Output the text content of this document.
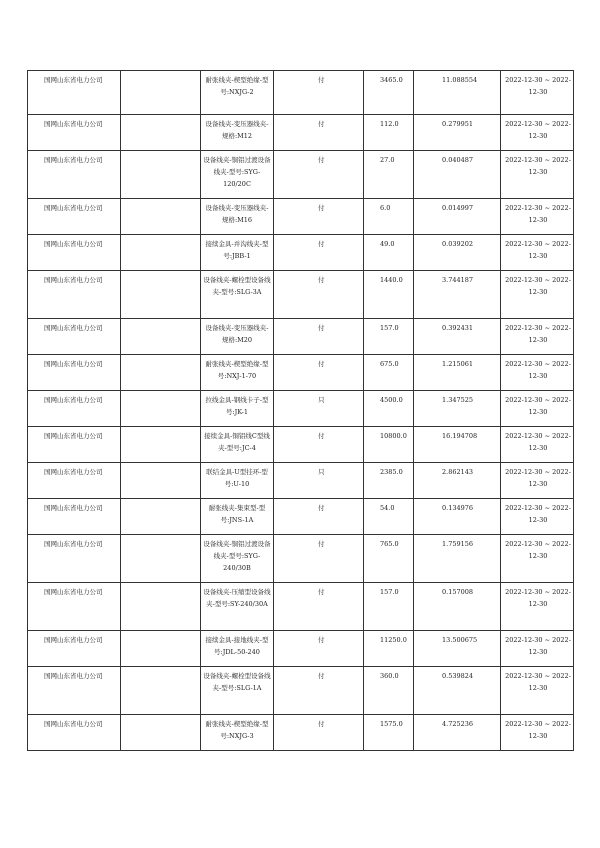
国网山东省电力公司		耐张线夹-楔型绝缘-型号:NXJG-2	付	3465.0	11.088554	2022-12-30 ~ 2022-12-30

国网山东省电力公司		设备线夹-变压器线夹-规格:M12	付	112.0	0.279951	2022-12-30 ~ 2022-12-30

国网山东省电力公司		设备线夹-铜铝过渡设备线夹-型号:SYG-120/20C	付	27.0	0.040487	2022-12-30 ~ 2022-12-30

国网山东省电力公司		设备线夹-变压器线夹-规格:M16	付	6.0	0.014997	2022-12-30 ~ 2022-12-30

国网山东省电力公司		接续金具-并沟线夹-型号:JBB-1	付	49.0	0.039202	2022-12-30 ~ 2022-12-30

国网山东省电力公司		设备线夹-螺栓型设备线夹-型号:SLG-3A	付	1440.0	3.744187	2022-12-30 ~ 2022-12-30

国网山东省电力公司		设备线夹-变压器线夹-规格:M20	付	157.0	0.392431	2022-12-30 ~ 2022-12-30

国网山东省电力公司		耐张线夹-楔型绝缘-型号:NXJ-1-70	付	675.0	1.215061	2022-12-30 ~ 2022-12-30

国网山东省电力公司		拉线金具-钢线卡子-型号:JK-1	只	4500.0	1.347525	2022-12-30 ~ 2022-12-30

国网山东省电力公司		接续金具-铜铝线C型线夹-型号:JC-4	付	10800.0	16.194708	2022-12-30 ~ 2022-12-30

国网山东省电力公司		联结金具-U型挂环-型号:U-10	只	2385.0	2.862143	2022-12-30 ~ 2022-12-30

国网山东省电力公司		耐张线夹-集束型-型号:JNS-1A	付	54.0	0.134976	2022-12-30 ~ 2022-12-30

国网山东省电力公司		设备线夹-铜铝过渡设备线夹-型号:SYG-240/30B	付	765.0	1.759156	2022-12-30 ~ 2022-12-30

国网山东省电力公司		设备线夹-压缩型设备线夹-型号:SY-240/30A	付	157.0	0.157008	2022-12-30 ~ 2022-12-30

国网山东省电力公司		接续金具-接地线夹-型号:JDL-50-240	付	11250.0	13.500675	2022-12-30 ~ 2022-12-30

国网山东省电力公司		设备线夹-螺栓型设备线夹-型号:SLG-1A	付	360.0	0.539824	2022-12-30 ~ 2022-12-30

国网山东省电力公司		耐张线夹-楔型绝缘-型号:NXJG-3	付	1575.0	4.725236	2022-12-30 ~ 2022-12-30
